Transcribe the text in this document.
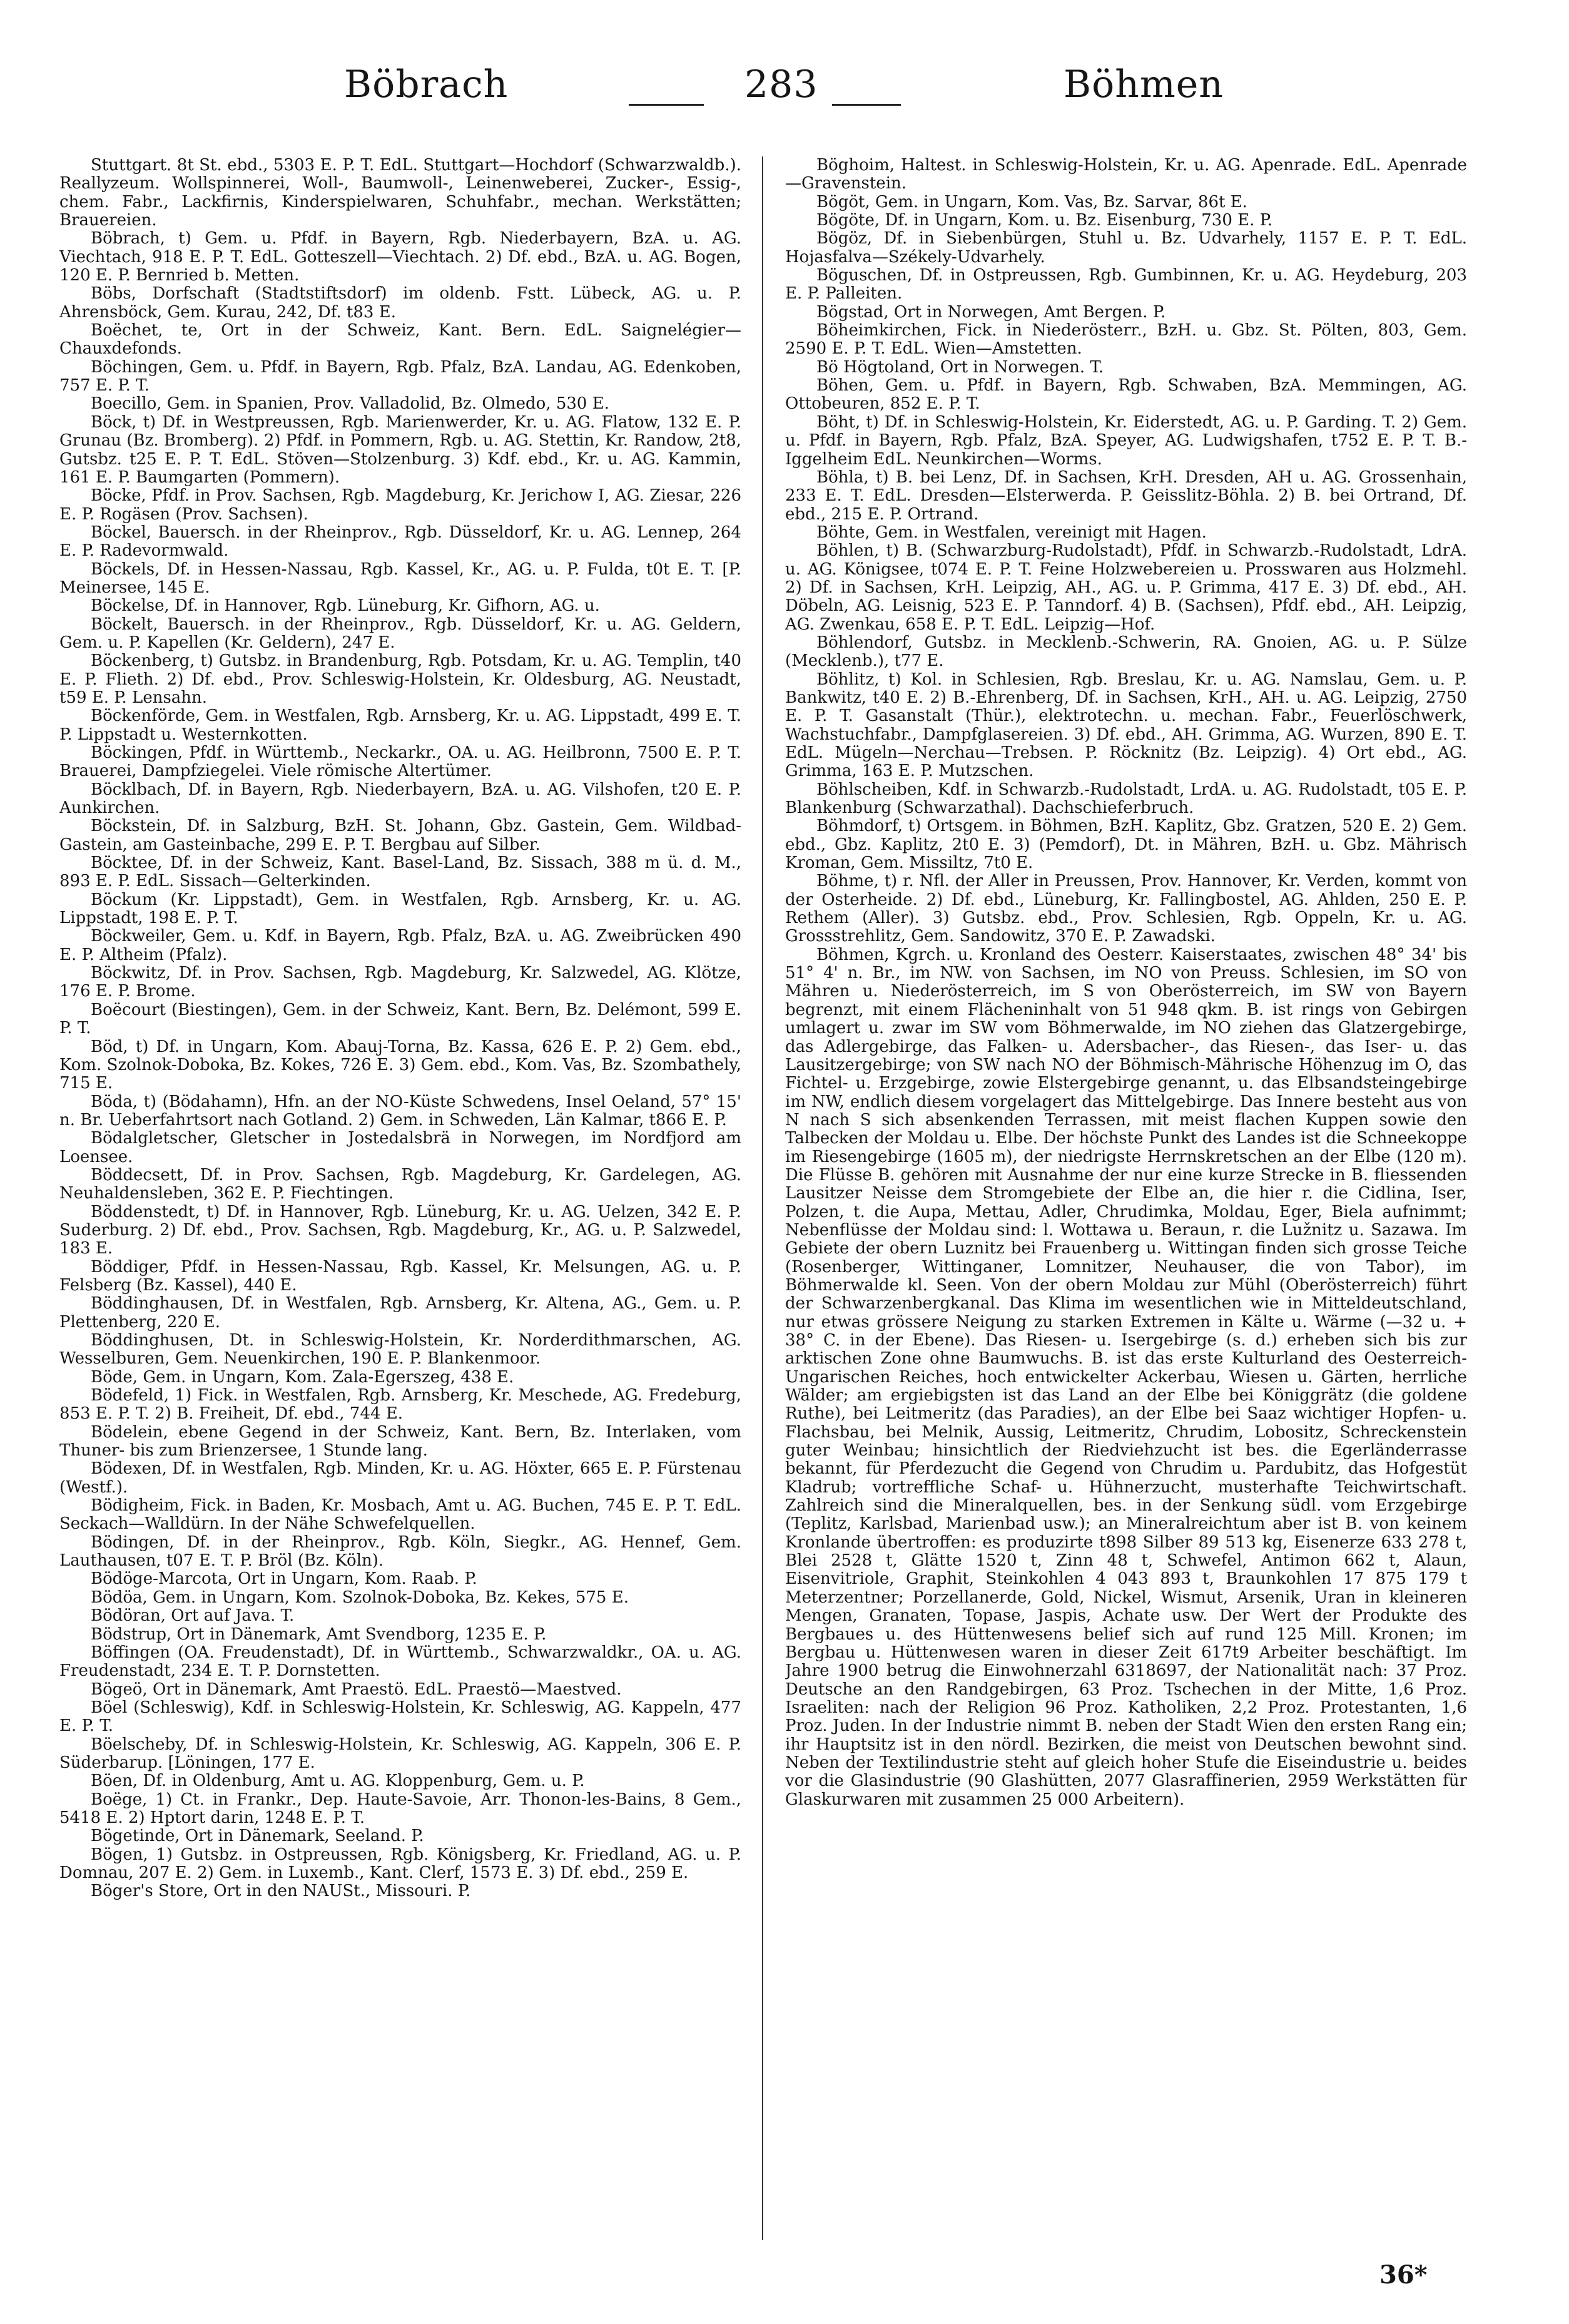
Böbrach	283	Böhmen

Stuttgart. 8t St. ebd., 5303 E. P. T. EdL. Stuttgart—Hochdorf (Schwarzwaldb.). Reallyzeum. Wollspinnerei, Woll-, Baumwoll-, Leinenweberei, Zucker-, Essig-, chem. Fabr., Lackfirnis, Kinderspielwaren, Schuhfabr., mechan. Werkstätten; Brauereien.

Böbrach, t) Gem. u. Pfdf. in Bayern, Rgb. Niederbayern, BzA. u. AG. Viechtach, 918 E. P. T. EdL. Gotteszell—Viechtach. 2) Df. ebd., BzA. u. AG. Bogen, 120 E. P. Bernried b. Metten.

Böbs, Dorfschaft (Stadtstiftsdorf) im oldenb. Fstt. Lübeck, AG. u. P. Ahrensböck, Gem. Kurau, 242, Df. t83 E.

Boëchet, te, Ort in der Schweiz, Kant. Bern. EdL. Saignelégier—Chauxdefonds.

Böchingen, Gem. u. Pfdf. in Bayern, Rgb. Pfalz, BzA. Landau, AG. Edenkoben, 757 E. P. T.

Boecillo, Gem. in Spanien, Prov. Valladolid, Bz. Olmedo, 530 E.

Böck, t) Df. in Westpreussen, Rgb. Marienwerder, Kr. u. AG. Flatow, 132 E. P. Grunau (Bz. Bromberg). 2) Pfdf. in Pommern, Rgb. u. AG. Stettin, Kr. Randow, 2t8, Gutsbz. t25 E. P. T. EdL. Stöven—Stolzenburg. 3) Kdf. ebd., Kr. u. AG. Kammin, 161 E. P. Baumgarten (Pommern).

Böcke, Pfdf. in Prov. Sachsen, Rgb. Magdeburg, Kr. Jerichow I, AG. Ziesar, 226 E. P. Rogäsen (Prov. Sachsen).

Böckel, Bauersch. in der Rheinprov., Rgb. Düsseldorf, Kr. u. AG. Lennep, 264 E. P. Radevormwald.

Böckels, Df. in Hessen-Nassau, Rgb. Kassel, Kr., AG. u. P. Fulda, t0t E. T. [P. Meinersee, 145 E.

Böckelse, Df. in Hannover, Rgb. Lüneburg, Kr. Gifhorn, AG. u.

Böckelt, Bauersch. in der Rheinprov., Rgb. Düsseldorf, Kr. u. AG. Geldern, Gem. u. P. Kapellen (Kr. Geldern), 247 E.

Böckenberg, t) Gutsbz. in Brandenburg, Rgb. Potsdam, Kr. u. AG. Templin, t40 E. P. Flieth. 2) Df. ebd., Prov. Schleswig-Holstein, Kr. Oldesburg, AG. Neustadt, t59 E. P. Lensahn.

Böckenförde, Gem. in Westfalen, Rgb. Arnsberg, Kr. u. AG. Lippstadt, 499 E. T. P. Lippstadt u. Westernkotten.

Böckingen, Pfdf. in Württemb., Neckarkr., OA. u. AG. Heilbronn, 7500 E. P. T. Brauerei, Dampfziegelei. Viele römische Altertümer.

Böcklbach, Df. in Bayern, Rgb. Niederbayern, BzA. u. AG. Vilshofen, t20 E. P. Aunkirchen.

Böckstein, Df. in Salzburg, BzH. St. Johann, Gbz. Gastein, Gem. Wildbad-Gastein, am Gasteinbache, 299 E. P. T. Bergbau auf Silber.

Böcktee, Df. in der Schweiz, Kant. Basel-Land, Bz. Sissach, 388 m ü. d. M., 893 E. P. EdL. Sissach—Gelterkinden.

Böckum (Kr. Lippstadt), Gem. in Westfalen, Rgb. Arnsberg, Kr. u. AG. Lippstadt, 198 E. P. T.

Böckweiler, Gem. u. Kdf. in Bayern, Rgb. Pfalz, BzA. u. AG. Zweibrücken 490 E. P. Altheim (Pfalz).

Böckwitz, Df. in Prov. Sachsen, Rgb. Magdeburg, Kr. Salzwedel, AG. Klötze, 176 E. P. Brome.

Boëcourt (Biestingen), Gem. in der Schweiz, Kant. Bern, Bz. Delémont, 599 E. P. T.

Böd, t) Df. in Ungarn, Kom. Abauj-Torna, Bz. Kassa, 626 E. P. 2) Gem. ebd., Kom. Szolnok-Doboka, Bz. Kokes, 726 E. 3) Gem. ebd., Kom. Vas, Bz. Szombathely, 715 E.

Böda, t) (Bödahamn), Hfn. an der NO-Küste Schwedens, Insel Oeland, 57° 15' n. Br. Ueberfahrtsort nach Gotland. 2) Gem. in Schweden, Län Kalmar, t866 E. P.

Bödalgletscher, Gletscher in Jostedalsbrä in Norwegen, im Nordfjord am Loensee.

Böddecsett, Df. in Prov. Sachsen, Rgb. Magdeburg, Kr. Gardelegen, AG. Neuhaldensleben, 362 E. P. Fiechtingen.

Böddenstedt, t) Df. in Hannover, Rgb. Lüneburg, Kr. u. AG. Uelzen, 342 E. P. Suderburg. 2) Df. ebd., Prov. Sachsen, Rgb. Magdeburg, Kr., AG. u. P. Salzwedel, 183 E.

Böddiger, Pfdf. in Hessen-Nassau, Rgb. Kassel, Kr. Melsungen, AG. u. P. Felsberg (Bz. Kassel), 440 E.

Böddinghausen, Df. in Westfalen, Rgb. Arnsberg, Kr. Altena, AG., Gem. u. P. Plettenberg, 220 E.

Böddinghusen, Dt. in Schleswig-Holstein, Kr. Norderdithmarschen, AG. Wesselburen, Gem. Neuenkirchen, 190 E. P. Blankenmoor.

Böde, Gem. in Ungarn, Kom. Zala-Egerszeg, 438 E.

Bödefeld, 1) Fick. in Westfalen, Rgb. Arnsberg, Kr. Meschede, AG. Fredeburg, 853 E. P. T. 2) B. Freiheit, Df. ebd., 744 E.

Bödelein, ebene Gegend in der Schweiz, Kant. Bern, Bz. Interlaken, vom Thuner- bis zum Brienzersee, 1 Stunde lang.

Bödexen, Df. in Westfalen, Rgb. Minden, Kr. u. AG. Höxter, 665 E. P. Fürstenau (Westf.).

Bödigheim, Fick. in Baden, Kr. Mosbach, Amt u. AG. Buchen, 745 E. P. T. EdL. Seckach—Walldürn. In der Nähe Schwefelquellen.

Bödingen, Df. in der Rheinprov., Rgb. Köln, Siegkr., AG. Hennef, Gem. Lauthausen, t07 E. T. P. Bröl (Bz. Köln).

Bödöge-Marcota, Ort in Ungarn, Kom. Raab. P.

Bödöa, Gem. in Ungarn, Kom. Szolnok-Doboka, Bz. Kekes, 575 E.

Bödöran, Ort auf Java. T.

Bödstrup, Ort in Dänemark, Amt Svendborg, 1235 E. P.

Böffingen (OA. Freudenstadt), Df. in Württemb., Schwarzwaldkr., OA. u. AG. Freudenstadt, 234 E. T. P. Dornstetten.

Bögeö, Ort in Dänemark, Amt Praestö. EdL. Praestö—Maestved.

Böel (Schleswig), Kdf. in Schleswig-Holstein, Kr. Schleswig, AG. Kappeln, 477 E. P. T.

Böelscheby, Df. in Schleswig-Holstein, Kr. Schleswig, AG. Kappeln, 306 E. P. Süderbarup. [Löningen, 177 E.

Böen, Df. in Oldenburg, Amt u. AG. Kloppenburg, Gem. u. P.

Boëge, 1) Ct. in Frankr., Dep. Haute-Savoie, Arr. Thonon-les-Bains, 8 Gem., 5418 E. 2) Hptort darin, 1248 E. P. T.

Bögetinde, Ort in Dänemark, Seeland. P.

Bögen, 1) Gutsbz. in Ostpreussen, Rgb. Königsberg, Kr. Friedland, AG. u. P. Domnau, 207 E. 2) Gem. in Luxemb., Kant. Clerf, 1573 E. 3) Df. ebd., 259 E.

Böger's Store, Ort in den NAUSt., Missouri. P.

Böghoim, Haltest. in Schleswig-Holstein, Kr. u. AG. Apenrade. EdL. Apenrade—Gravenstein.

Bögöt, Gem. in Ungarn, Kom. Vas, Bz. Sarvar, 86t E.

Bögöte, Df. in Ungarn, Kom. u. Bz. Eisenburg, 730 E. P.

Bögöz, Df. in Siebenbürgen, Stuhl u. Bz. Udvarhely, 1157 E. P. T. EdL. Hojasfalva—Székely-Udvarhely.

Böguschen, Df. in Ostpreussen, Rgb. Gumbinnen, Kr. u. AG. Heydeburg, 203 E. P. Palleiten.

Bögstad, Ort in Norwegen, Amt Bergen. P.

Böheimkirchen, Fick. in Niederösterr., BzH. u. Gbz. St. Pölten, 803, Gem. 2590 E. P. T. EdL. Wien—Amstetten.

Bö Högtoland, Ort in Norwegen. T.

Böhen, Gem. u. Pfdf. in Bayern, Rgb. Schwaben, BzA. Memmingen, AG. Ottobeuren, 852 E. P. T.

Böht, t) Df. in Schleswig-Holstein, Kr. Eiderstedt, AG. u. P. Garding. T. 2) Gem. u. Pfdf. in Bayern, Rgb. Pfalz, BzA. Speyer, AG. Ludwigshafen, t752 E. P. T. B.-Iggelheim EdL. Neunkirchen—Worms.

Böhla, t) B. bei Lenz, Df. in Sachsen, KrH. Dresden, AH u. AG. Grossenhain, 233 E. T. EdL. Dresden—Elsterwerda. P. Geisslitz-Böhla. 2) B. bei Ortrand, Df. ebd., 215 E. P. Ortrand.

Böhte, Gem. in Westfalen, vereinigt mit Hagen.

Böhlen, t) B. (Schwarzburg-Rudolstadt), Pfdf. in Schwarzb.-Rudolstadt, LdrA. u. AG. Königsee, t074 E. P. T. Feine Holzwebereien u. Prosswaren aus Holzmehl. 2) Df. in Sachsen, KrH. Leipzig, AH., AG. u. P. Grimma, 417 E. 3) Df. ebd., AH. Döbeln, AG. Leisnig, 523 E. P. Tanndorf. 4) B. (Sachsen), Pfdf. ebd., AH. Leipzig, AG. Zwenkau, 658 E. P. T. EdL. Leipzig—Hof.

Böhlendorf, Gutsbz. in Mecklenb.-Schwerin, RA. Gnoien, AG. u. P. Sülze (Mecklenb.), t77 E.

Böhlitz, t) Kol. in Schlesien, Rgb. Breslau, Kr. u. AG. Namslau, Gem. u. P. Bankwitz, t40 E. 2) B.-Ehrenberg, Df. in Sachsen, KrH., AH. u. AG. Leipzig, 2750 E. P. T. Gasanstalt (Thür.), elektrotechn. u. mechan. Fabr., Feuerlöschwerk, Wachstuchfabr., Dampfglasereien. 3) Df. ebd., AH. Grimma, AG. Wurzen, 890 E. T. EdL. Mügeln—Nerchau—Trebsen. P. Röcknitz (Bz. Leipzig). 4) Ort ebd., AG. Grimma, 163 E. P. Mutzschen.

Böhlscheiben, Kdf. in Schwarzb.-Rudolstadt, LrdA. u. AG. Rudolstadt, t05 E. P. Blankenburg (Schwarzathal). Dachschieferbruch.

Böhmdorf, t) Ortsgem. in Böhmen, BzH. Kaplitz, Gbz. Gratzen, 520 E. 2) Gem. ebd., Gbz. Kaplitz, 2t0 E. 3) (Pemdorf), Dt. in Mähren, BzH. u. Gbz. Mährisch Kroman, Gem. Missiltz, 7t0 E.

Böhme, t) r. Nfl. der Aller in Preussen, Prov. Hannover, Kr. Verden, kommt von der Osterheide. 2) Df. ebd., Lüneburg, Kr. Fallingbostel, AG. Ahlden, 250 E. P. Rethem (Aller). 3) Gutsbz. ebd., Prov. Schlesien, Rgb. Oppeln, Kr. u. AG. Grossstrehlitz, Gem. Sandowitz, 370 E. P. Zawadski.

Böhmen, Kgrch. u. Kronland des Oesterr. Kaiserstaates, zwischen 48° 34' bis 51° 4' n. Br., im NW. von Sachsen, im NO von Preuss. Schlesien, im SO von Mähren u. Niederösterreich, im S von Oberösterreich, im SW von Bayern begrenzt, mit einem Flächeninhalt von 51 948 qkm. B. ist rings von Gebirgen umlagert u. zwar im SW vom Böhmerwalde, im NO ziehen das Glatzergebirge, das Adlergebirge, das Falken- u. Adersbacher-, das Riesen-, das Iser- u. das Lausitzergebirge; von SW nach NO der Böhmisch-Mährische Höhenzug im O, das Fichtel- u. Erzgebirge, zowie Elstergebirge genannt, u. das Elbsandsteingebirge im NW, endlich diesem vorgelagert das Mittelgebirge. Das Innere besteht aus von N nach S sich absenkenden Terrassen, mit meist flachen Kuppen sowie den Talbecken der Moldau u. Elbe. Der höchste Punkt des Landes ist die Schneekoppe im Riesengebirge (1605 m), der niedrigste Herrnskretschen an der Elbe (120 m). Die Flüsse B. gehören mit Ausnahme der nur eine kurze Strecke in B. fliessenden Lausitzer Neisse dem Stromgebiete der Elbe an, die hier r. die Cidlina, Iser, Polzen, t. die Aupa, Mettau, Adler, Chrudimka, Moldau, Eger, Biela aufnimmt; Nebenflüsse der Moldau sind: l. Wottawa u. Beraun, r. die Lužnitz u. Sazawa. Im Gebiete der obern Luznitz bei Frauenberg u. Wittingan finden sich grosse Teiche (Rosenberger, Wittinganer, Lomnitzer, Neuhauser, die von Tabor), im Böhmerwalde kl. Seen. Von der obern Moldau zur Mühl (Oberösterreich) führt der Schwarzenbergkanal. Das Klima im wesentlichen wie in Mitteldeutschland, nur etwas grössere Neigung zu starken Extremen in Kälte u. Wärme (—32 u. + 38° C. in der Ebene). Das Riesen- u. Isergebirge (s. d.) erheben sich bis zur arktischen Zone ohne Baumwuchs. B. ist das erste Kulturland des Oesterreich-Ungarischen Reiches, hoch entwickelter Ackerbau, Wiesen u. Gärten, herrliche Wälder; am ergiebigsten ist das Land an der Elbe bei Königgrätz (die goldene Ruthe), bei Leitmeritz (das Paradies), an der Elbe bei Saaz wichtiger Hopfen- u. Flachsbau, bei Melnik, Aussig, Leitmeritz, Chrudim, Lobositz, Schreckenstein guter Weinbau; hinsichtlich der Riedviehzucht ist bes. die Egerländerrasse bekannt, für Pferdezucht die Gegend von Chrudim u. Pardubitz, das Hofgestüt Kladrub; vortreffliche Schaf- u. Hühnerzucht, musterhafte Teichwirtschaft. Zahlreich sind die Mineralquellen, bes. in der Senkung südl. vom Erzgebirge (Teplitz, Karlsbad, Marienbad usw.); an Mineralreichtum aber ist B. von keinem Kronlande übertroffen: es produzirte t898 Silber 89 513 kg, Eisenerze 633 278 t, Blei 2528 t, Glätte 1520 t, Zinn 48 t, Schwefel, Antimon 662 t, Alaun, Eisenvitriole, Graphit, Steinkohlen 4 043 893 t, Braunkohlen 17 875 179 t Meterzentner; Porzellanerde, Gold, Nickel, Wismut, Arsenik, Uran in kleineren Mengen, Granaten, Topase, Jaspis, Achate usw. Der Wert der Produkte des Bergbaues u. des Hüttenwesens belief sich auf rund 125 Mill. Kronen; im Bergbau u. Hüttenwesen waren in dieser Zeit 617t9 Arbeiter beschäftigt. Im Jahre 1900 betrug die Einwohnerzahl 6318697, der Nationalität nach: 37 Proz. Deutsche an den Randgebirgen, 63 Proz. Tschechen in der Mitte, 1,6 Proz. Israeliten: nach der Religion 96 Proz. Katholiken, 2,2 Proz. Protestanten, 1,6 Proz. Juden. In der Industrie nimmt B. neben der Stadt Wien den ersten Rang ein; ihr Hauptsitz ist in den nördl. Bezirken, die meist von Deutschen bewohnt sind. Neben der Textilindustrie steht auf gleich hoher Stufe die Eiseindustrie u. beides vor die Glasindustrie (90 Glashütten, 2077 Glasraffinerien, 2959 Werkstätten für Glaskurwaren mit zusammen 25 000 Arbeitern).

36*
